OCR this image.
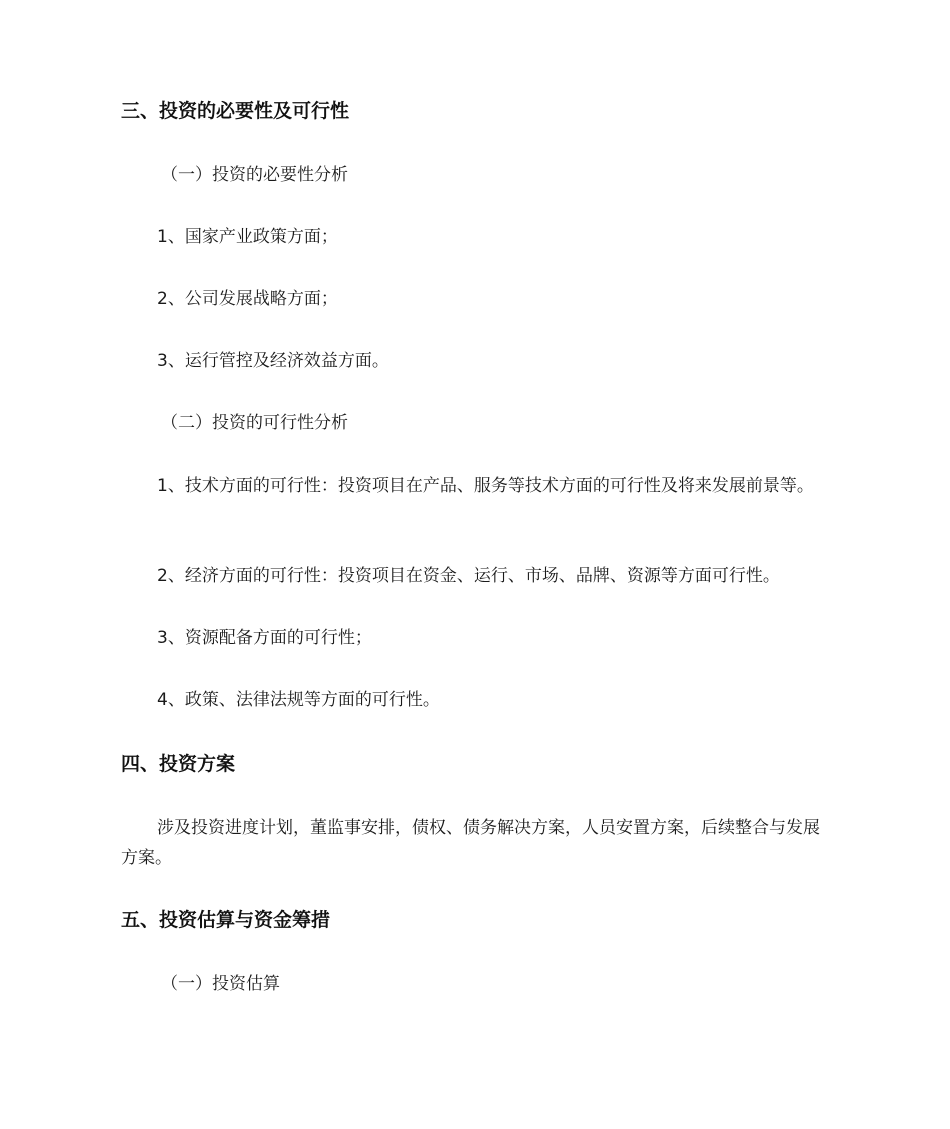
三、投资的必要性及可行性
（一）投资的必要性分析
1、国家产业政策方面；
2、公司发展战略方面；
3、运行管控及经济效益方面。
（二）投资的可行性分析
1、技术方面的可行性：投资项目在产品、服务等技术方面的可行性及将来发展前景等。
2、经济方面的可行性：投资项目在资金、运行、市场、品牌、资源等方面可行性。
3、资源配备方面的可行性；
4、政策、法律法规等方面的可行性。
四、投资方案
涉及投资进度计划，董监事安排，债权、债务解决方案，人员安置方案，后续整合与发展方案。
五、投资估算与资金筹措
（一）投资估算
